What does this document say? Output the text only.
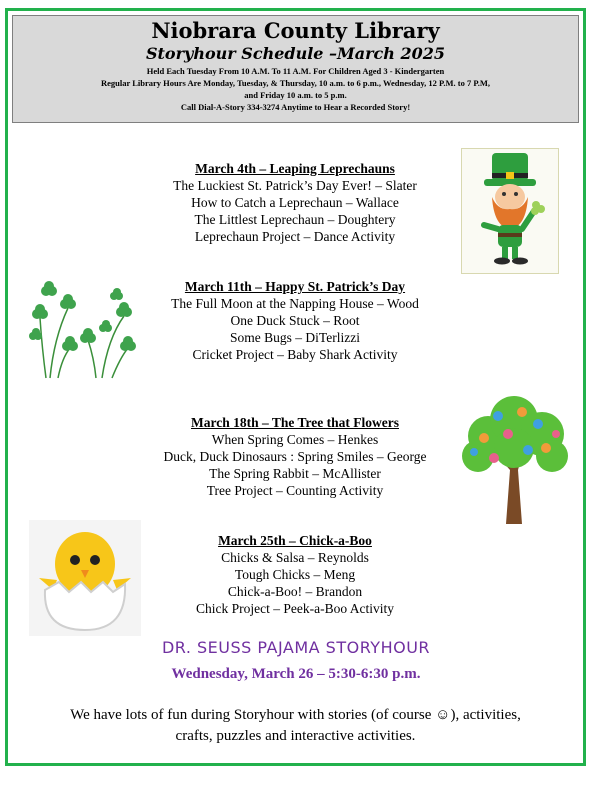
Niobrara County Library
Storyhour Schedule –March 2025
Held Each Tuesday From 10 A.M. To 11 A.M. For Children Aged 3 - Kindergarten
Regular Library Hours Are Monday, Tuesday, & Thursday, 10 a.m. to 6 p.m., Wednesday, 12 P.M. to 7 P.M,
and Friday 10 a.m. to 5 p.m.
Call Dial-A-Story 334-3274 Anytime to Hear a Recorded Story!
March 4th – Leaping Leprechauns
The Luckiest St. Patrick’s Day Ever! – Slater
How to Catch a Leprechaun – Wallace
The Littlest Leprechaun – Doughtery
Leprechaun Project – Dance Activity
March 11th – Happy St. Patrick’s Day
The Full Moon at the Napping House – Wood
One Duck Stuck – Root
Some Bugs – DiTerlizzi
Cricket Project – Baby Shark Activity
March 18th – The Tree that Flowers
When Spring Comes – Henkes
Duck, Duck Dinosaurs : Spring Smiles – George
The Spring Rabbit – McAllister
Tree Project – Counting Activity
March 25th – Chick-a-Boo
Chicks & Salsa – Reynolds
Tough Chicks – Meng
Chick-a-Boo! – Brandon
Chick Project – Peek-a-Boo Activity
DR. SEUSS PAJAMA STORYHOUR
Wednesday, March 26 – 5:30-6:30 p.m.
We have lots of fun during Storyhour with stories (of course ☺), activities,
crafts, puzzles and interactive activities.
